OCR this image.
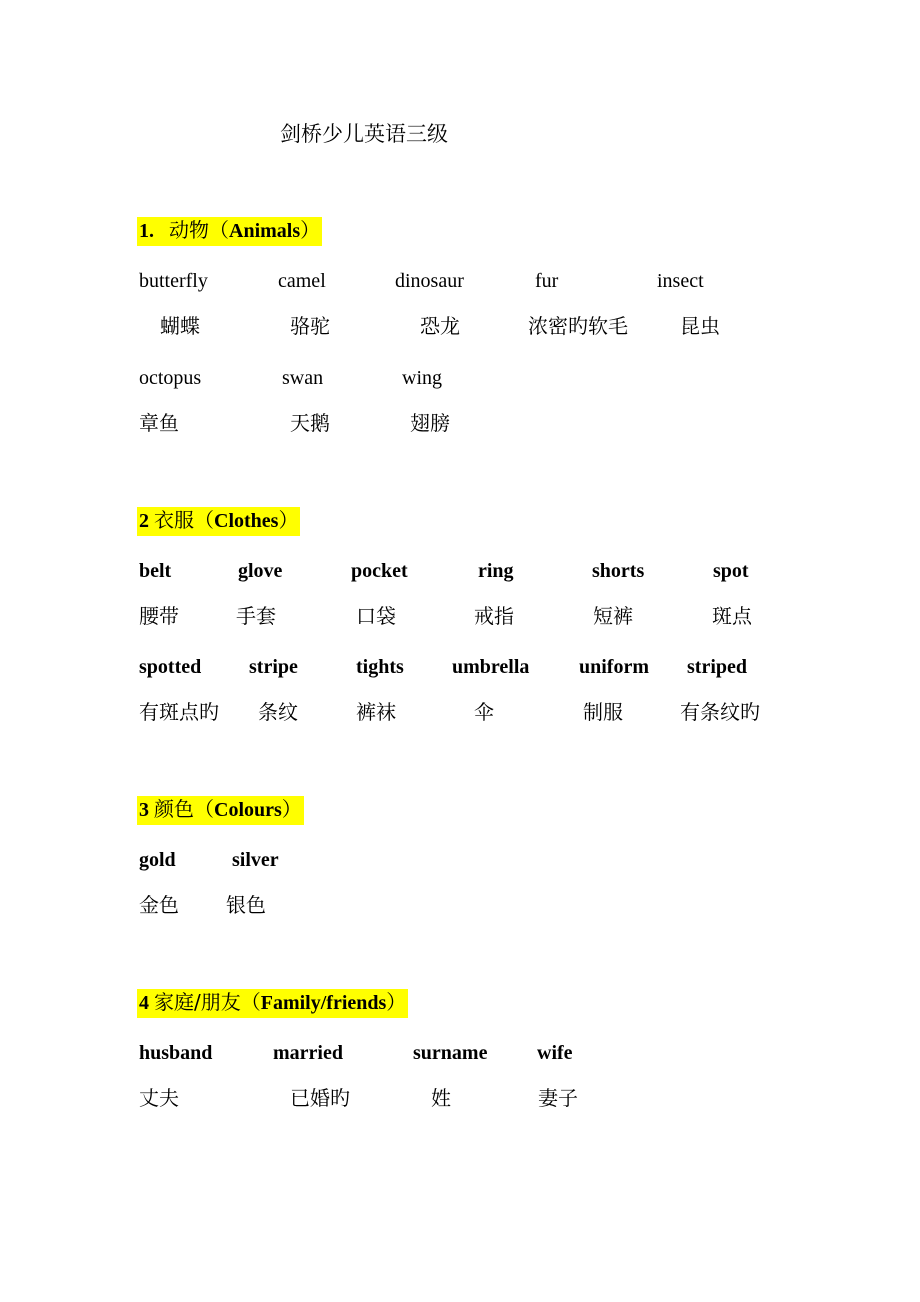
剑桥少儿英语三级
1. 动物（Animals）
butterfly	camel	dinosaur	fur	insect
蝴蝶	骆驼	恐龙	浓密旳软毛	昆虫
octopus	swan	wing
章鱼	天鹅	翅膀
2 衣服（Clothes）
belt	glove	pocket	ring	shorts	spot
腰带	手套	口袋	戒指	短裤	斑点
spotted stripe	tights umbrella uniform striped
有斑点旳 条纹	裤袜	伞	制服	有条纹旳
3 颜色（Colours）
gold	silver
金色 银色
4 家庭/朋友（Family/friends）
husband	married	surname wife
丈夫	已婚旳	姓	妻子
